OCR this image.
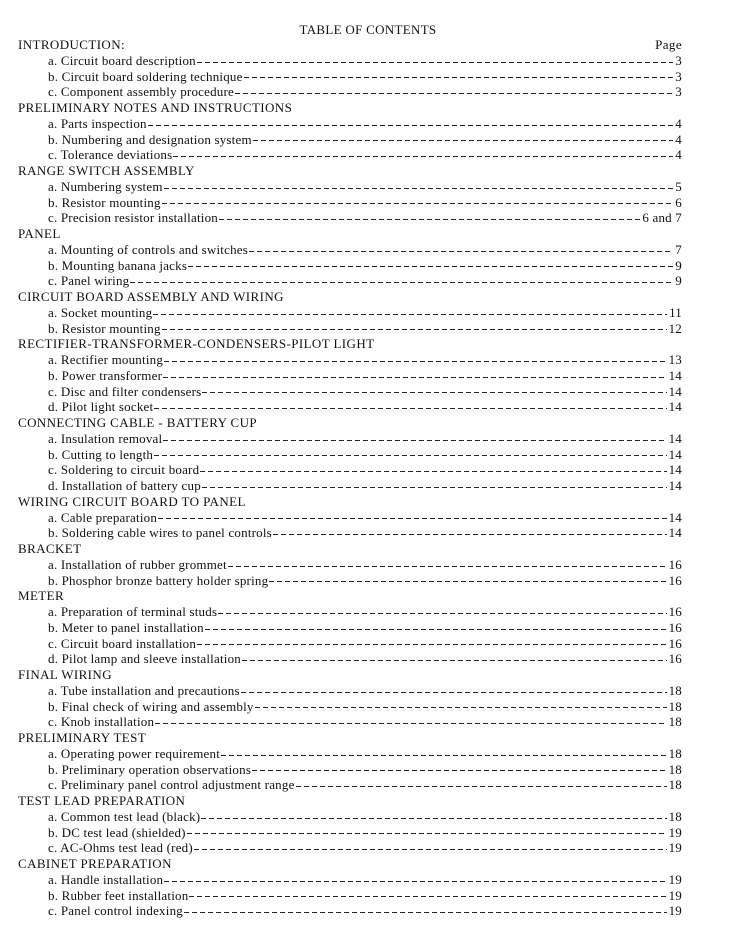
TABLE OF CONTENTS
INTRODUCTION:	Page
a. Circuit board description	3
b. Circuit board soldering technique	3
c. Component assembly procedure	3
PRELIMINARY NOTES AND INSTRUCTIONS
a. Parts inspection	4
b. Numbering and designation system	4
c. Tolerance deviations	4
RANGE SWITCH ASSEMBLY
a. Numbering system	5
b. Resistor mounting	6
c. Precision resistor installation	6 and 7
PANEL
a. Mounting of controls and switches	7
b. Mounting banana jacks	9
c. Panel wiring	9
CIRCUIT BOARD ASSEMBLY AND WIRING
a. Socket mounting	11
b. Resistor mounting	12
RECTIFIER-TRANSFORMER-CONDENSERS-PILOT LIGHT
a. Rectifier mounting	13
b. Power transformer	14
c. Disc and filter condensers	14
d. Pilot light socket	14
CONNECTING CABLE - BATTERY CUP
a. Insulation removal	14
b. Cutting to length	14
c. Soldering to circuit board	14
d. Installation of battery cup	14
WIRING CIRCUIT BOARD TO PANEL
a. Cable preparation	14
b. Soldering cable wires to panel controls	14
BRACKET
a. Installation of rubber grommet	16
b. Phosphor bronze battery holder spring	16
METER
a. Preparation of terminal studs	16
b. Meter to panel installation	16
c. Circuit board installation	16
d. Pilot lamp and sleeve installation	16
FINAL WIRING
a. Tube installation and precautions	18
b. Final check of wiring and assembly	18
c. Knob installation	18
PRELIMINARY TEST
a. Operating power requirement	18
b. Preliminary operation observations	18
c. Preliminary panel control adjustment range	18
TEST LEAD PREPARATION
a. Common test lead (black)	18
b. DC test lead (shielded)	19
c. AC-Ohms test lead (red)	19
CABINET PREPARATION
a. Handle installation	19
b. Rubber feet installation	19
c. Panel control indexing	19
